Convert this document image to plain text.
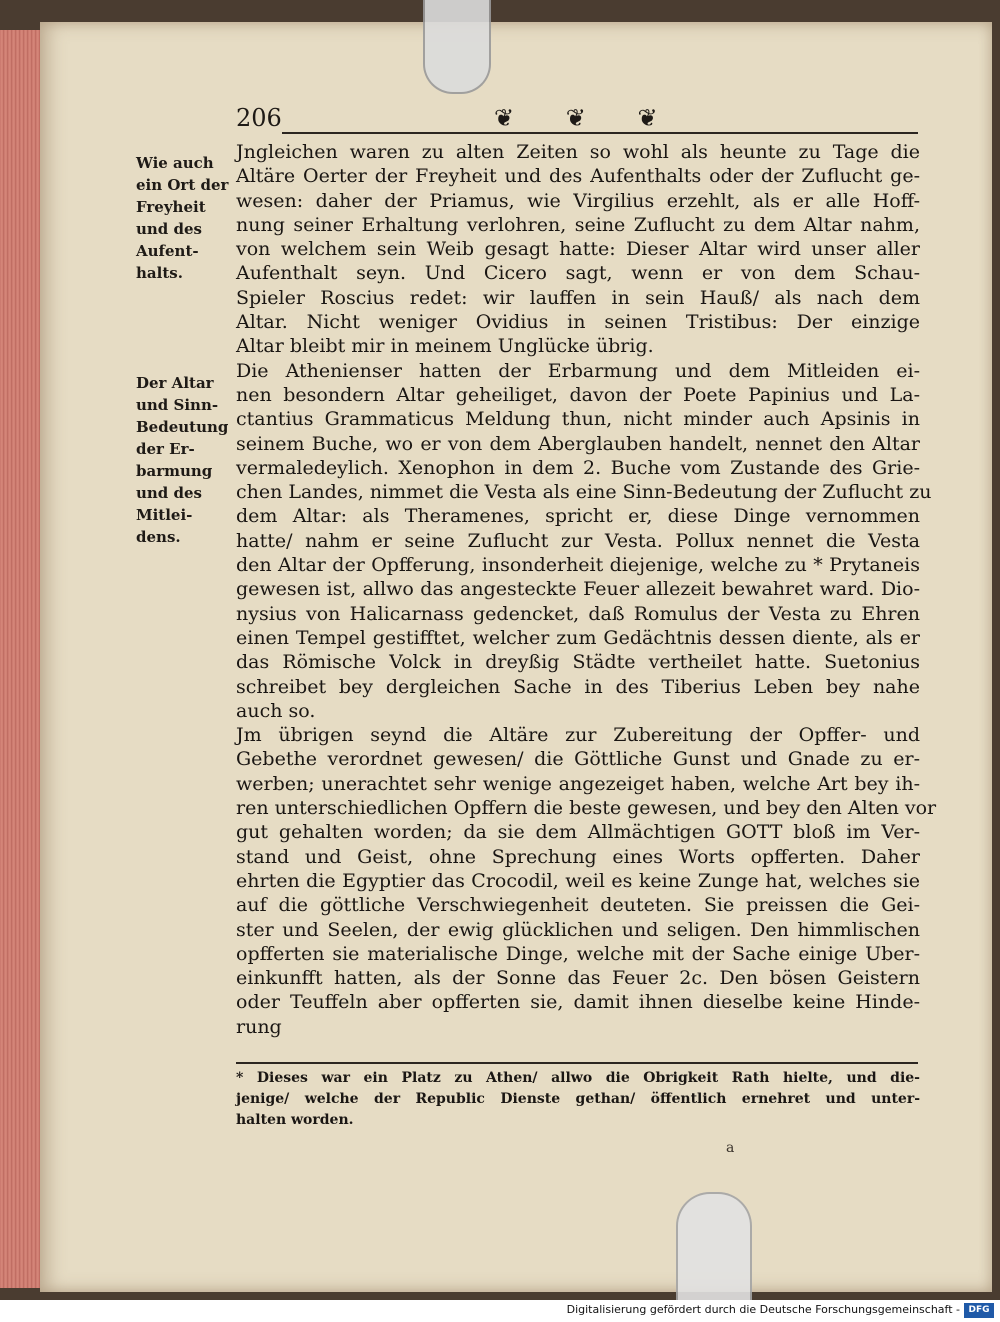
206	❦ ❦ ❦
Wie auch
ein Ort der
Freyheit
und des
Aufent-
halts.
Der Altar
und Sinn-
Bedeutung
der Er-
barmung
und des
Mitlei-
dens.
Jngleichen waren zu alten Zeiten so wohl als heunte zu Tage die
Altäre Oerter der Freyheit und des Aufenthalts oder der Zuflucht ge-
wesen: daher der Priamus, wie Virgilius erzehlt, als er alle Hoff-
nung seiner Erhaltung verlohren, seine Zuflucht zu dem Altar nahm,
von welchem sein Weib gesagt hatte: Dieser Altar wird unser aller
Aufenthalt seyn. Und Cicero sagt, wenn er von dem Schau-
Spieler Roscius redet: wir lauffen in sein Hauß/ als nach dem
Altar. Nicht weniger Ovidius in seinen Tristibus: Der einzige
Altar bleibt mir in meinem Unglücke übrig.
Die Athenienser hatten der Erbarmung und dem Mitleiden ei-
nen besondern Altar geheiliget, davon der Poete Papinius und La-
ctantius Grammaticus Meldung thun, nicht minder auch Apsinis in
seinem Buche, wo er von dem Aberglauben handelt, nennet den Altar
vermaledeylich. Xenophon in dem 2. Buche vom Zustande des Grie-
chen Landes, nimmet die Vesta als eine Sinn-Bedeutung der Zuflucht zu
dem Altar: als Theramenes, spricht er, diese Dinge vernommen
hatte/ nahm er seine Zuflucht zur Vesta. Pollux nennet die Vesta
den Altar der Opfferung, insonderheit diejenige, welche zu * Prytaneis
gewesen ist, allwo das angesteckte Feuer allezeit bewahret ward. Dio-
nysius von Halicarnass gedencket, daß Romulus der Vesta zu Ehren
einen Tempel gestifftet, welcher zum Gedächtnis dessen diente, als er
das Römische Volck in dreyßig Städte vertheilet hatte. Suetonius
schreibet bey dergleichen Sache in des Tiberius Leben bey nahe
auch so.
Jm übrigen seynd die Altäre zur Zubereitung der Opffer- und
Gebethe verordnet gewesen/ die Göttliche Gunst und Gnade zu er-
werben; unerachtet sehr wenige angezeiget haben, welche Art bey ih-
ren unterschiedlichen Opffern die beste gewesen, und bey den Alten vor
gut gehalten worden; da sie dem Allmächtigen GOTT bloß im Ver-
stand und Geist, ohne Sprechung eines Worts opfferten. Daher
ehrten die Egyptier das Crocodil, weil es keine Zunge hat, welches sie
auf die göttliche Verschwiegenheit deuteten. Sie preissen die Gei-
ster und Seelen, der ewig glücklichen und seligen. Den himmlischen
opfferten sie materialische Dinge, welche mit der Sache einige Uber-
einkunfft hatten, als der Sonne das Feuer 2c. Den bösen Geistern
oder Teuffeln aber opfferten sie, damit ihnen dieselbe keine Hinde-
rung
* Dieses war ein Platz zu Athen/ allwo die Obrigkeit Rath hielte, und die-
jenige/ welche der Republic Dienste gethan/ öffentlich ernehret und unter-
halten worden.
a
Digitalisierung gefördert durch die Deutsche Forschungsgemeinschaft - DFG
